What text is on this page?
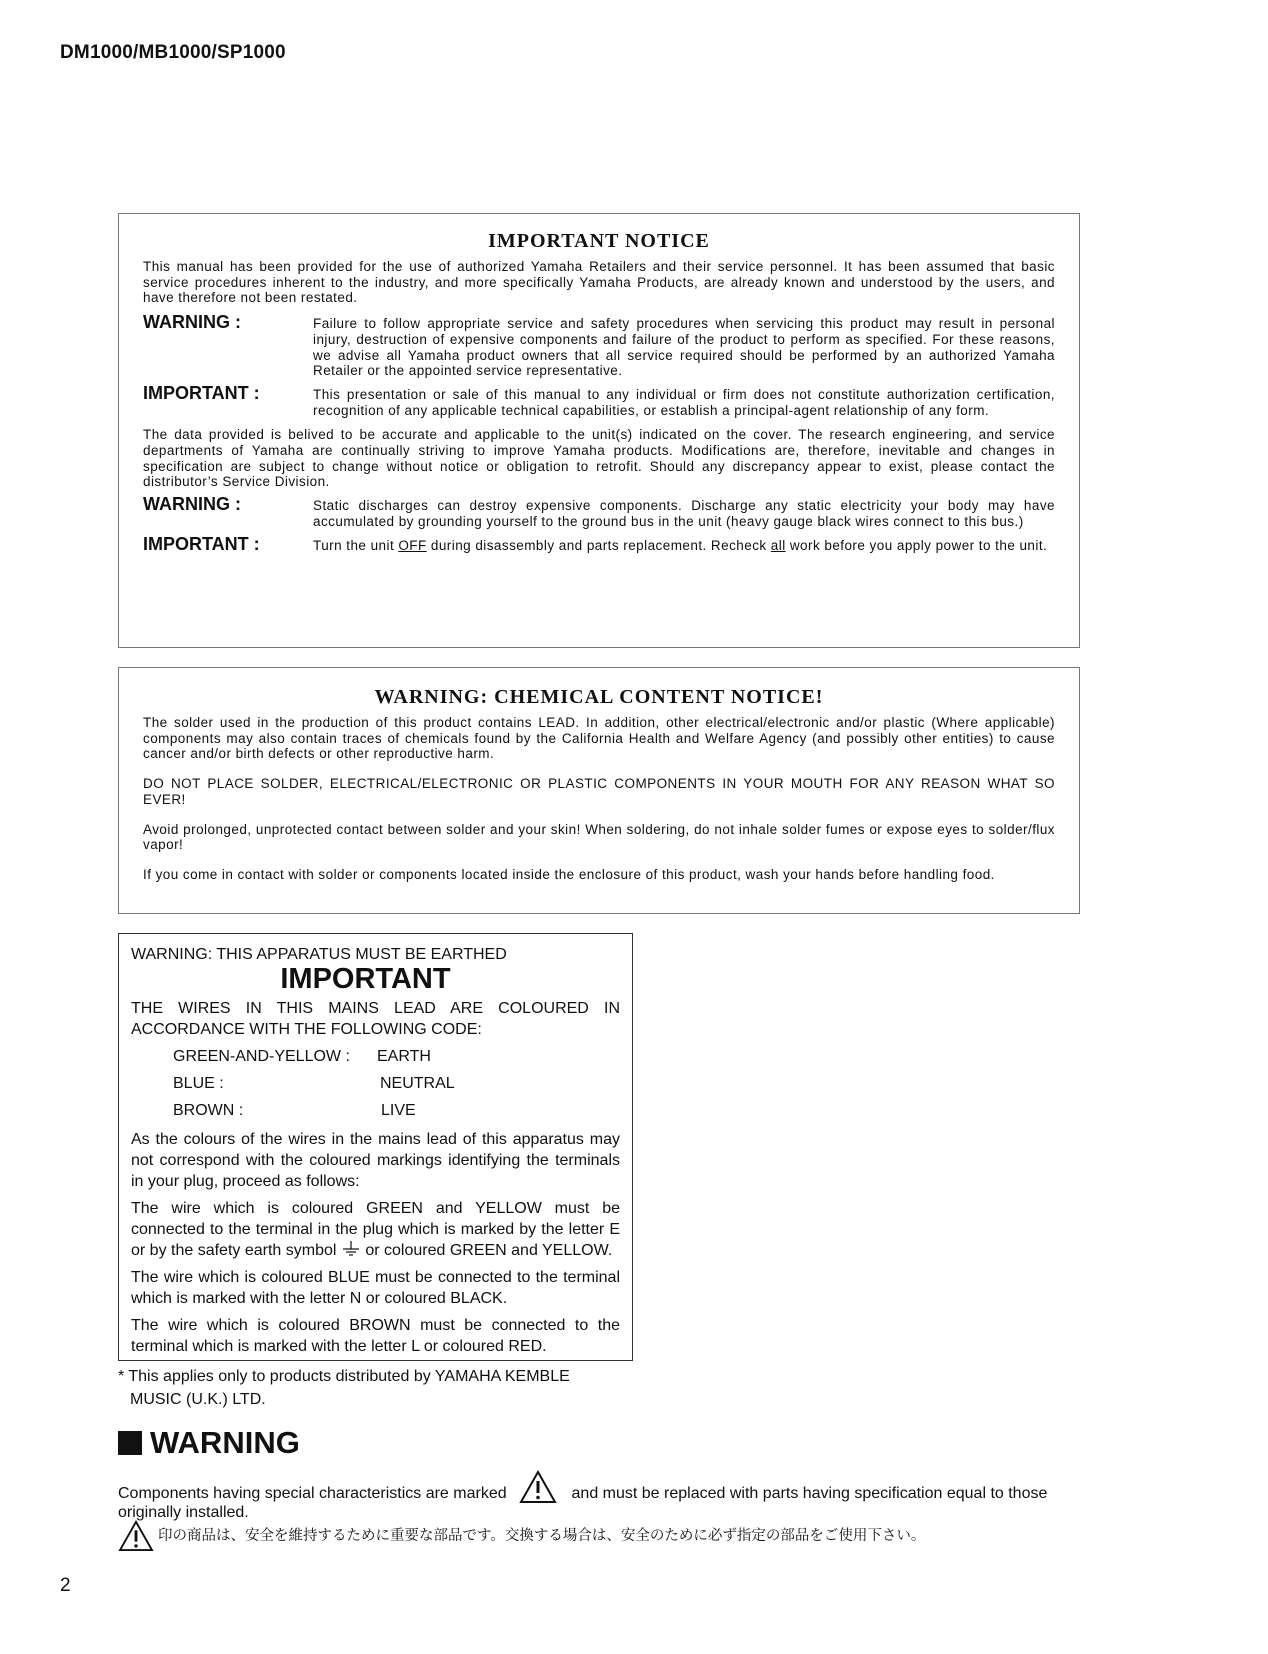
DM1000/MB1000/SP1000
IMPORTANT NOTICE
This manual has been provided for the use of authorized Yamaha Retailers and their service personnel. It has been assumed that basic service procedures inherent to the industry, and more specifically Yamaha Products, are already known and understood by the users, and have therefore not been restated.
WARNING :	Failure to follow appropriate service and safety procedures when servicing this product may result in personal injury, destruction of expensive components and failure of the product to perform as specified. For these reasons, we advise all Yamaha product owners that all service required should be performed by an authorized Yamaha Retailer or the appointed service representative.
IMPORTANT :	This presentation or sale of this manual to any individual or firm does not constitute authorization certification, recognition of any applicable technical capabilities, or establish a principal-agent relationship of any form.
The data provided is belived to be accurate and applicable to the unit(s) indicated on the cover. The research engineering, and service departments of Yamaha are continually striving to improve Yamaha products. Modifications are, therefore, inevitable and changes in specification are subject to change without notice or obligation to retrofit. Should any discrepancy appear to exist, please contact the distributor’s Service Division.
WARNING :	Static discharges can destroy expensive components. Discharge any static electricity your body may have accumulated by grounding yourself to the ground bus in the unit (heavy gauge black wires connect to this bus.)
IMPORTANT :	Turn the unit OFF during disassembly and parts replacement. Recheck all work before you apply power to the unit.
WARNING: CHEMICAL CONTENT NOTICE!
The solder used in the production of this product contains LEAD. In addition, other electrical/electronic and/or plastic (Where applicable) components may also contain traces of chemicals found by the California Health and Welfare Agency (and possibly other entities) to cause cancer and/or birth defects or other reproductive harm.
DO NOT PLACE SOLDER, ELECTRICAL/ELECTRONIC OR PLASTIC COMPONENTS IN YOUR MOUTH FOR ANY REASON WHAT SO EVER!
Avoid prolonged, unprotected contact between solder and your skin! When soldering, do not inhale solder fumes or expose eyes to solder/flux vapor!
If you come in contact with solder or components located inside the enclosure of this product, wash your hands before handling food.
WARNING: THIS APPARATUS MUST BE EARTHED
IMPORTANT
THE WIRES IN THIS MAINS LEAD ARE COLOURED IN ACCORDANCE WITH THE FOLLOWING CODE:
GREEN-AND-YELLOW :	EARTH
BLUE :	NEUTRAL
BROWN :	LIVE
As the colours of the wires in the mains lead of this apparatus may not correspond with the coloured markings identifying the terminals in your plug, proceed as follows:
The wire which is coloured GREEN and YELLOW must be connected to the terminal in the plug which is marked by the letter E or by the safety earth symbol  or coloured GREEN and YELLOW.
The wire which is coloured BLUE must be connected to the terminal which is marked with the letter N or coloured BLACK.
The wire which is coloured BROWN must be connected to the terminal which is marked with the letter L or coloured RED.
* This applies only to products distributed by YAMAHA KEMBLE
MUSIC (U.K.) LTD.
WARNING
Components having special characteristics are marked	and must be replaced with parts having specification equal to those originally installed.
印の商品は、安全を維持するために重要な部品です。交換する場合は、安全のために必ず指定の部品をご使用下さい。
2
